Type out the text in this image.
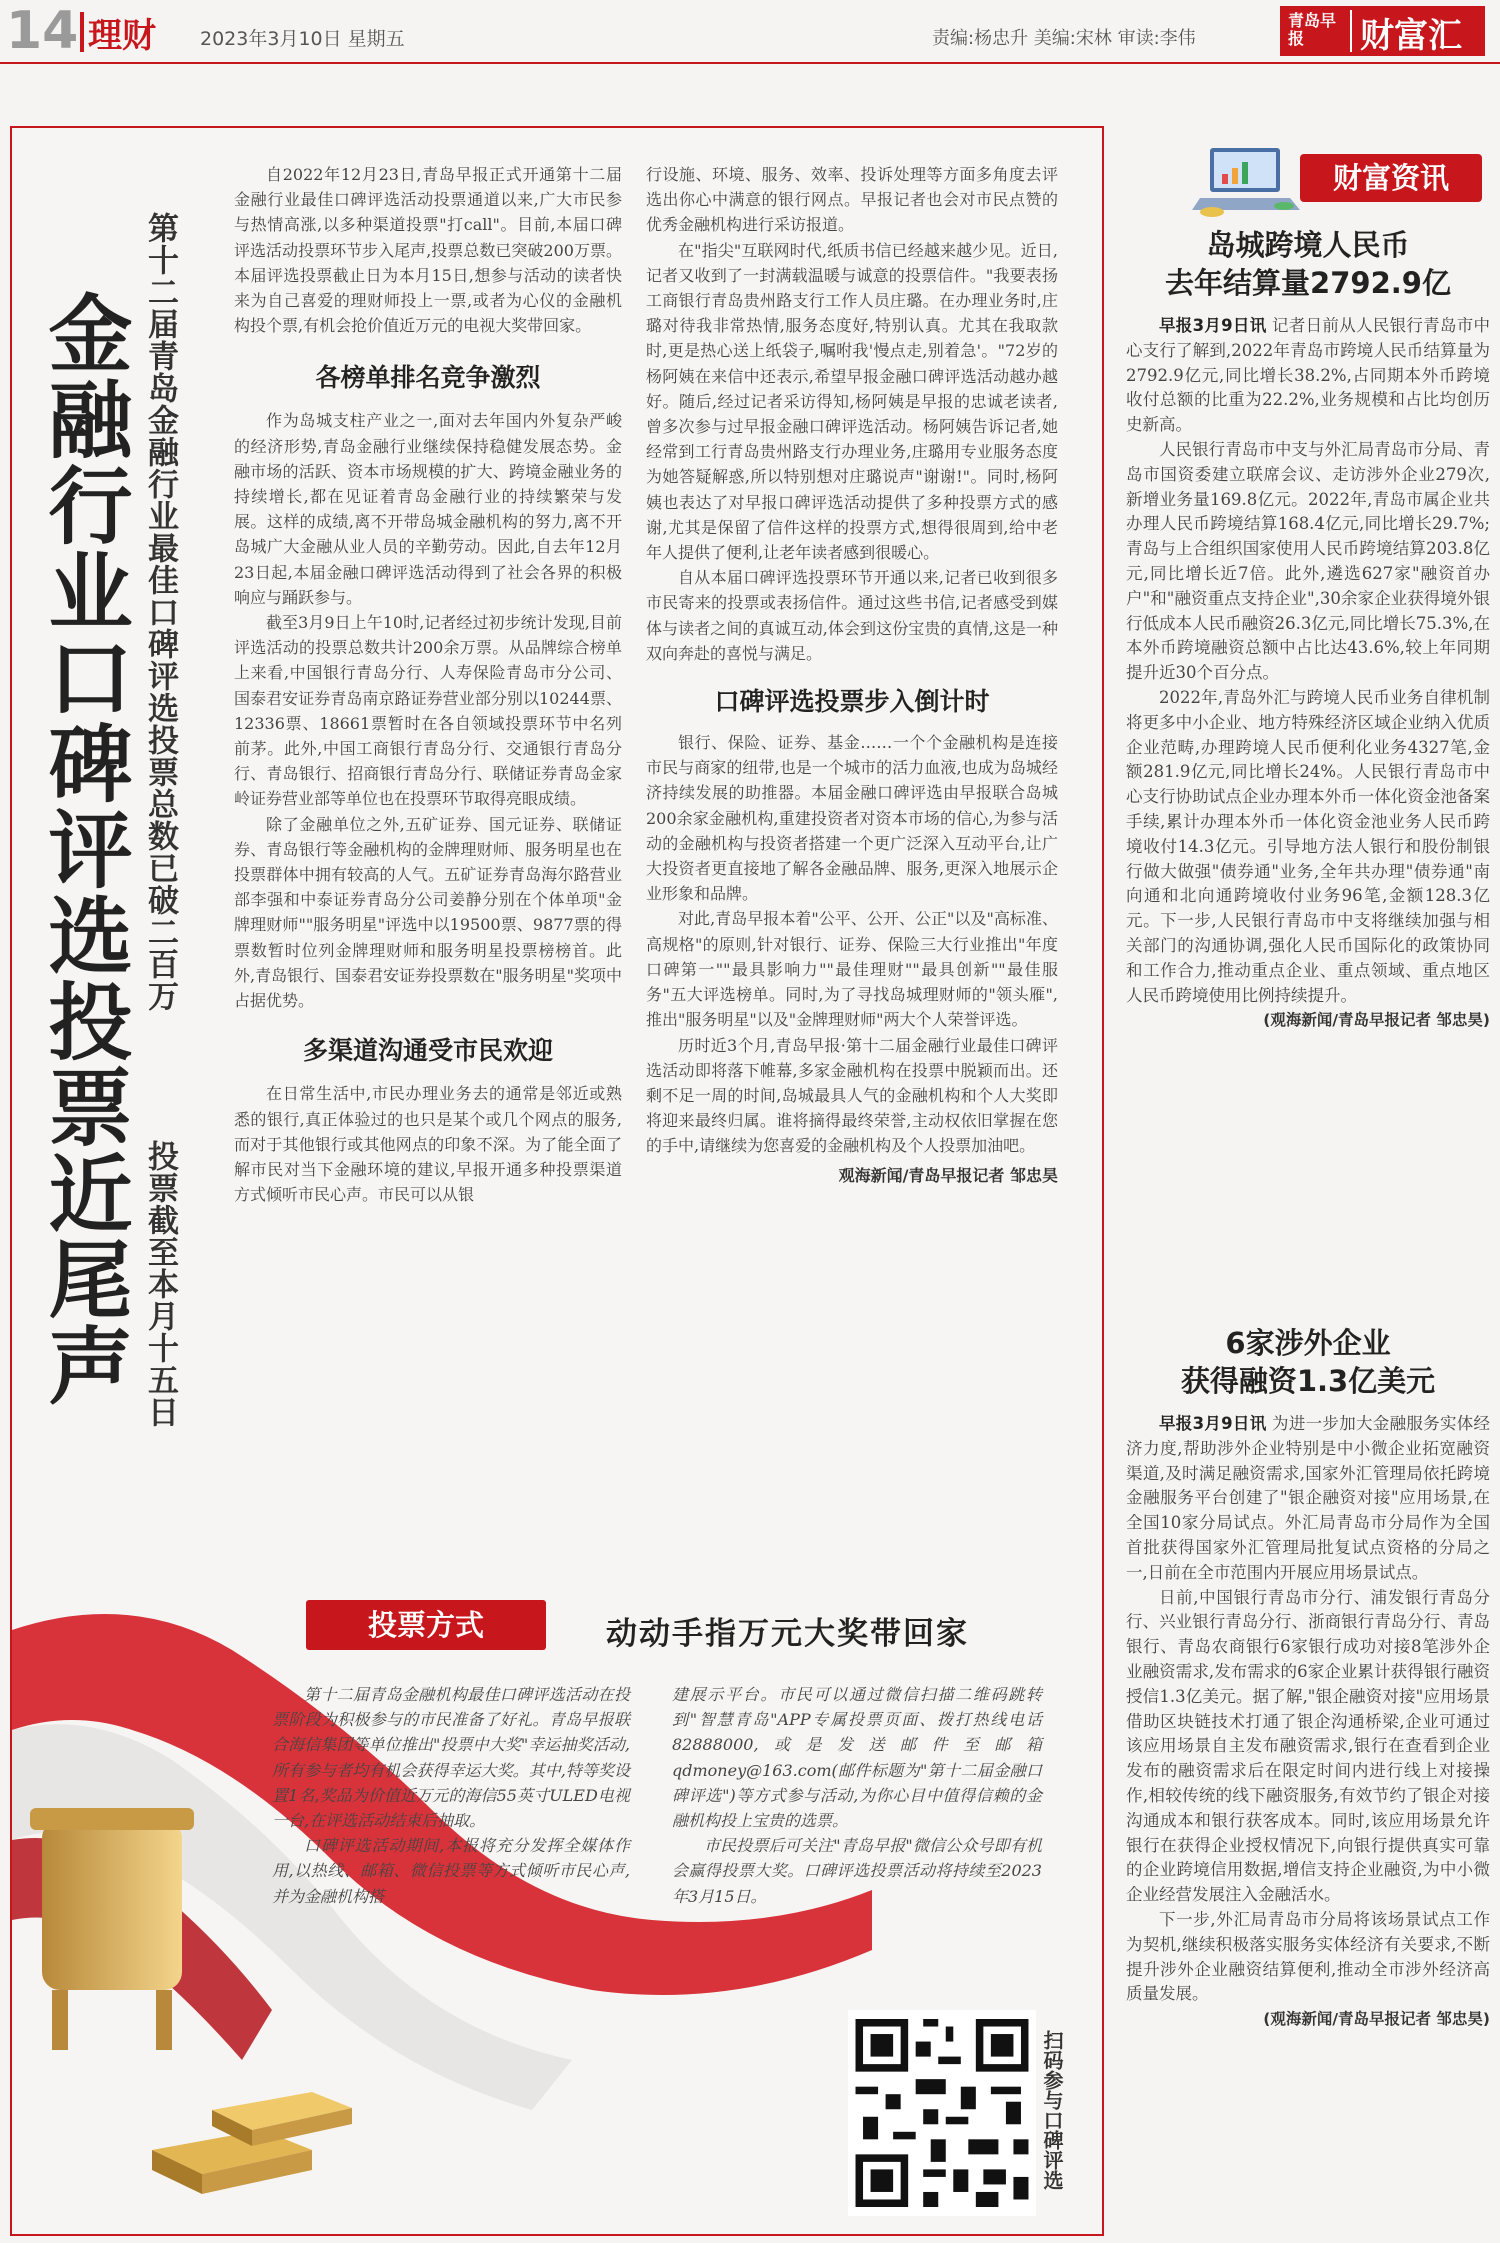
14 理财 2023年3月10日 星期五	责编:杨忠升 美编:宋林 审读:李伟
青岛早报	财富汇
金融行业口碑评选投票近尾声 第十二届青岛金融行业最佳口碑评选投票总数已破二百万
投票截至本月十五日

自2022年12月23日,青岛早报正式开通第十二届金融行业最佳口碑评选活动投票通道以来,广大市民参与热情高涨,以多种渠道投票"打call"。目前,本届口碑评选活动投票环节步入尾声,投票总数已突破200万票。本届评选投票截止日为本月15日,想参与活动的读者快来为自己喜爱的理财师投上一票,或者为心仪的金融机构投个票,有机会抢价值近万元的电视大奖带回家。

各榜单排名竞争激烈

作为岛城支柱产业之一,面对去年国内外复杂严峻的经济形势,青岛金融行业继续保持稳健发展态势。金融市场的活跃、资本市场规模的扩大、跨境金融业务的持续增长,都在见证着青岛金融行业的持续繁荣与发展。这样的成绩,离不开带岛城金融机构的努力,离不开岛城广大金融从业人员的辛勤劳动。因此,自去年12月23日起,本届金融口碑评选活动得到了社会各界的积极响应与踊跃参与。

截至3月9日上午10时,记者经过初步统计发现,目前评选活动的投票总数共计200余万票。从品牌综合榜单上来看,中国银行青岛分行、人寿保险青岛市分公司、国泰君安证券青岛南京路证券营业部分别以10244票、12336票、18661票暂时在各自领域投票环节中名列前茅。此外,中国工商银行青岛分行、交通银行青岛分行、青岛银行、招商银行青岛分行、联储证券青岛金家岭证券营业部等单位也在投票环节取得亮眼成绩。

除了金融单位之外,五矿证券、国元证券、联储证券、青岛银行等金融机构的金牌理财师、服务明星也在投票群体中拥有较高的人气。五矿证券青岛海尔路营业部李强和中泰证券青岛分公司姜静分别在个体单项"金牌理财师""服务明星"评选中以19500票、9877票的得票数暂时位列金牌理财师和服务明星投票榜榜首。此外,青岛银行、国泰君安证券投票数在"服务明星"奖项中占据优势。

多渠道沟通受市民欢迎

在日常生活中,市民办理业务去的通常是邻近或熟悉的银行,真正体验过的也只是某个或几个网点的服务,而对于其他银行或其他网点的印象不深。为了能全面了解市民对当下金融环境的建议,早报开通多种投票渠道方式倾听市民心声。市民可以从银

行设施、环境、服务、效率、投诉处理等方面多角度去评选出你心中满意的银行网点。早报记者也会对市民点赞的优秀金融机构进行采访报道。

在"指尖"互联网时代,纸质书信已经越来越少见。近日,记者又收到了一封满载温暖与诚意的投票信件。"我要表扬工商银行青岛贵州路支行工作人员庄璐。在办理业务时,庄璐对待我非常热情,服务态度好,特别认真。尤其在我取款时,更是热心送上纸袋子,嘱咐我'慢点走,别着急'。"72岁的杨阿姨在来信中还表示,希望早报金融口碑评选活动越办越好。随后,经过记者采访得知,杨阿姨是早报的忠诚老读者,曾多次参与过早报金融口碑评选活动。杨阿姨告诉记者,她经常到工行青岛贵州路支行办理业务,庄璐用专业服务态度为她答疑解惑,所以特别想对庄璐说声"谢谢!"。同时,杨阿姨也表达了对早报口碑评选活动提供了多种投票方式的感谢,尤其是保留了信件这样的投票方式,想得很周到,给中老年人提供了便利,让老年读者感到很暖心。

自从本届口碑评选投票环节开通以来,记者已收到很多市民寄来的投票或表扬信件。通过这些书信,记者感受到媒体与读者之间的真诚互动,体会到这份宝贵的真情,这是一种双向奔赴的喜悦与满足。

口碑评选投票步入倒计时

银行、保险、证券、基金……一个个金融机构是连接市民与商家的纽带,也是一个城市的活力血液,也成为岛城经济持续发展的助推器。本届金融口碑评选由早报联合岛城200余家金融机构,重建投资者对资本市场的信心,为参与活动的金融机构与投资者搭建一个更广泛深入互动平台,让广大投资者更直接地了解各金融品牌、服务,更深入地展示企业形象和品牌。

对此,青岛早报本着"公平、公开、公正"以及"高标准、高规格"的原则,针对银行、证券、保险三大行业推出"年度口碑第一""最具影响力""最佳理财""最具创新""最佳服务"五大评选榜单。同时,为了寻找岛城理财师的"领头雁",推出"服务明星"以及"金牌理财师"两大个人荣誉评选。

历时近3个月,青岛早报·第十二届金融行业最佳口碑评选活动即将落下帷幕,多家金融机构在投票中脱颖而出。还剩不足一周的时间,岛城最具人气的金融机构和个人大奖即将迎来最终归属。谁将摘得最终荣誉,主动权依旧掌握在您的手中,请继续为您喜爱的金融机构及个人投票加油吧。

观海新闻/青岛早报记者 邹忠昊
投票方式	动动手指万元大奖带回家

第十二届青岛金融机构最佳口碑评选活动在投票阶段为积极参与的市民准备了好礼。青岛早报联合海信集团等单位推出"投票中大奖"幸运抽奖活动,所有参与者均有机会获得幸运大奖。其中,特等奖设置1名,奖品为价值近万元的海信55英寸ULED电视一台,在评选活动结束后抽取。

口碑评选活动期间,本报将充分发挥全媒体作用,以热线、邮箱、微信投票等方式倾听市民心声,并为金融机构搭

建展示平台。市民可以通过微信扫描二维码跳转到"智慧青岛"APP专属投票页面、拨打热线电话82888000,或是发送邮件至邮箱qdmoney@163.com(邮件标题为"第十二届金融口碑评选")等方式参与活动,为你心目中值得信赖的金融机构投上宝贵的选票。

市民投票后可关注"青岛早报"微信公众号即有机会赢得投票大奖。口碑评选投票活动将持续至2023年3月15日。

扫码参与口碑评选
财富资讯
岛城跨境人民币
去年结算量2792.9亿

早报3月9日讯 记者日前从人民银行青岛市中心支行了解到,2022年青岛市跨境人民币结算量为2792.9亿元,同比增长38.2%,占同期本外币跨境收付总额的比重为22.2%,业务规模和占比均创历史新高。

人民银行青岛市中支与外汇局青岛市分局、青岛市国资委建立联席会议、走访涉外企业279次,新增业务量169.8亿元。2022年,青岛市属企业共办理人民币跨境结算168.4亿元,同比增长29.7%;青岛与上合组织国家使用人民币跨境结算203.8亿元,同比增长近7倍。此外,遴选627家"融资首办户"和"融资重点支持企业",30余家企业获得境外银行低成本人民币融资26.3亿元,同比增长75.3%,在本外币跨境融资总额中占比达43.6%,较上年同期提升近30个百分点。

2022年,青岛外汇与跨境人民币业务自律机制将更多中小企业、地方特殊经济区域企业纳入优质企业范畴,办理跨境人民币便利化业务4327笔,金额281.9亿元,同比增长24%。人民银行青岛市中心支行协助试点企业办理本外币一体化资金池备案手续,累计办理本外币一体化资金池业务人民币跨境收付14.3亿元。引导地方法人银行和股份制银行做大做强"债券通"业务,全年共办理"债券通"南向通和北向通跨境收付业务96笔,金额128.3亿元。下一步,人民银行青岛市中支将继续加强与相关部门的沟通协调,强化人民币国际化的政策协同和工作合力,推动重点企业、重点领域、重点地区人民币跨境使用比例持续提升。

(观海新闻/青岛早报记者 邹忠昊)
6家涉外企业
获得融资1.3亿美元

早报3月9日讯 为进一步加大金融服务实体经济力度,帮助涉外企业特别是中小微企业拓宽融资渠道,及时满足融资需求,国家外汇管理局依托跨境金融服务平台创建了"银企融资对接"应用场景,在全国10家分局试点。外汇局青岛市分局作为全国首批获得国家外汇管理局批复试点资格的分局之一,日前在全市范围内开展应用场景试点。

日前,中国银行青岛市分行、浦发银行青岛分行、兴业银行青岛分行、浙商银行青岛分行、青岛银行、青岛农商银行6家银行成功对接8笔涉外企业融资需求,发布需求的6家企业累计获得银行融资授信1.3亿美元。据了解,"银企融资对接"应用场景借助区块链技术打通了银企沟通桥梁,企业可通过该应用场景自主发布融资需求,银行在查看到企业发布的融资需求后在限定时间内进行线上对接操作,相较传统的线下融资服务,有效节约了银企对接沟通成本和银行获客成本。同时,该应用场景允许银行在获得企业授权情况下,向银行提供真实可靠的企业跨境信用数据,增信支持企业融资,为中小微企业经营发展注入金融活水。

下一步,外汇局青岛市分局将该场景试点工作为契机,继续积极落实服务实体经济有关要求,不断提升涉外企业融资结算便利,推动全市涉外经济高质量发展。

(观海新闻/青岛早报记者 邹忠昊)
